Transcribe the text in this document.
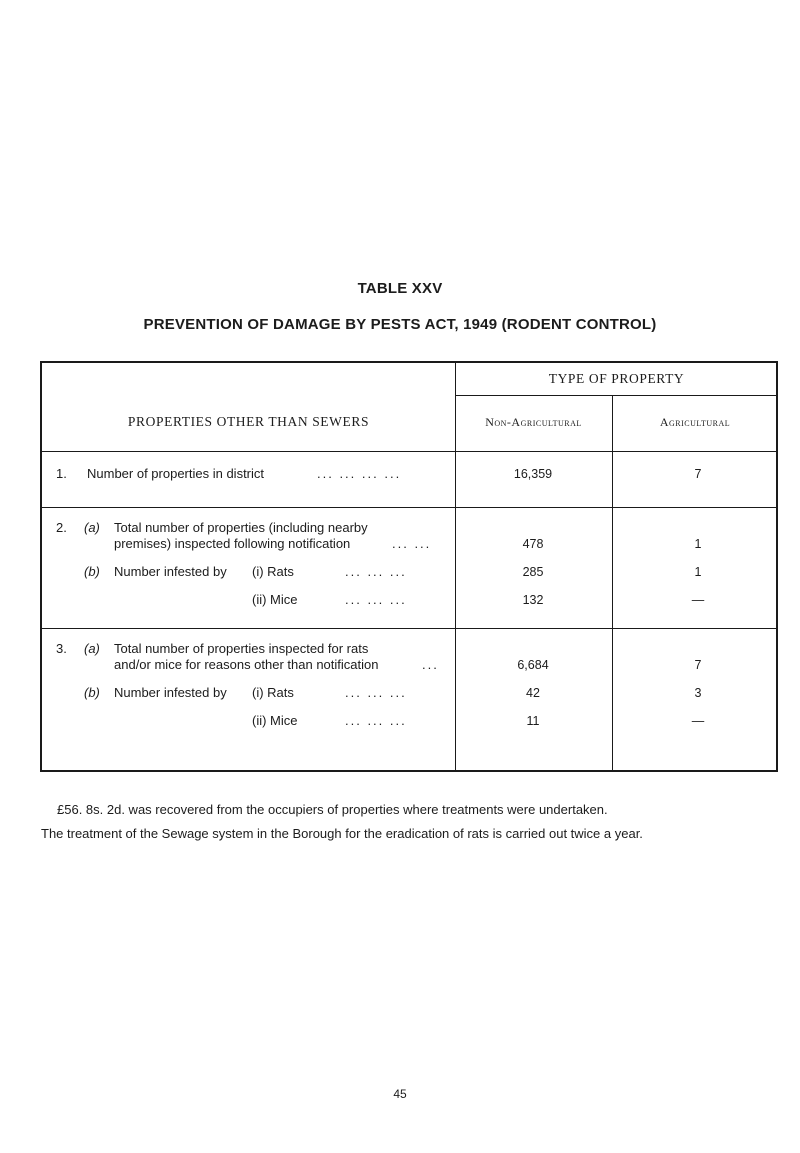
TABLE XXV
PREVENTION OF DAMAGE BY PESTS ACT, 1949 (RODENT CONTROL)
PROPERTIES OTHER THAN SEWERS
TYPE OF PROPERTY
Non-Agricultural	Agricultural
1. Number of properties in district	... ... ... ...	16,359	7
2. (a) Total number of properties (including nearby
premises) inspected following notification	... ...	478	1
(b) Number infested by (i) Rats	... ... ...	285	1
(ii) Mice	... ... ...	132	—
3. (a) Total number of properties inspected for rats
and/or mice for reasons other than notification	...	6,684	7
(b) Number infested by (i) Rats	... ... ...	42	3
(ii) Mice	... ... ...	11	—
£56. 8s. 2d. was recovered from the occupiers of properties where treatments were undertaken.
The treatment of the Sewage system in the Borough for the eradication of rats is carried out twice a year.
45
